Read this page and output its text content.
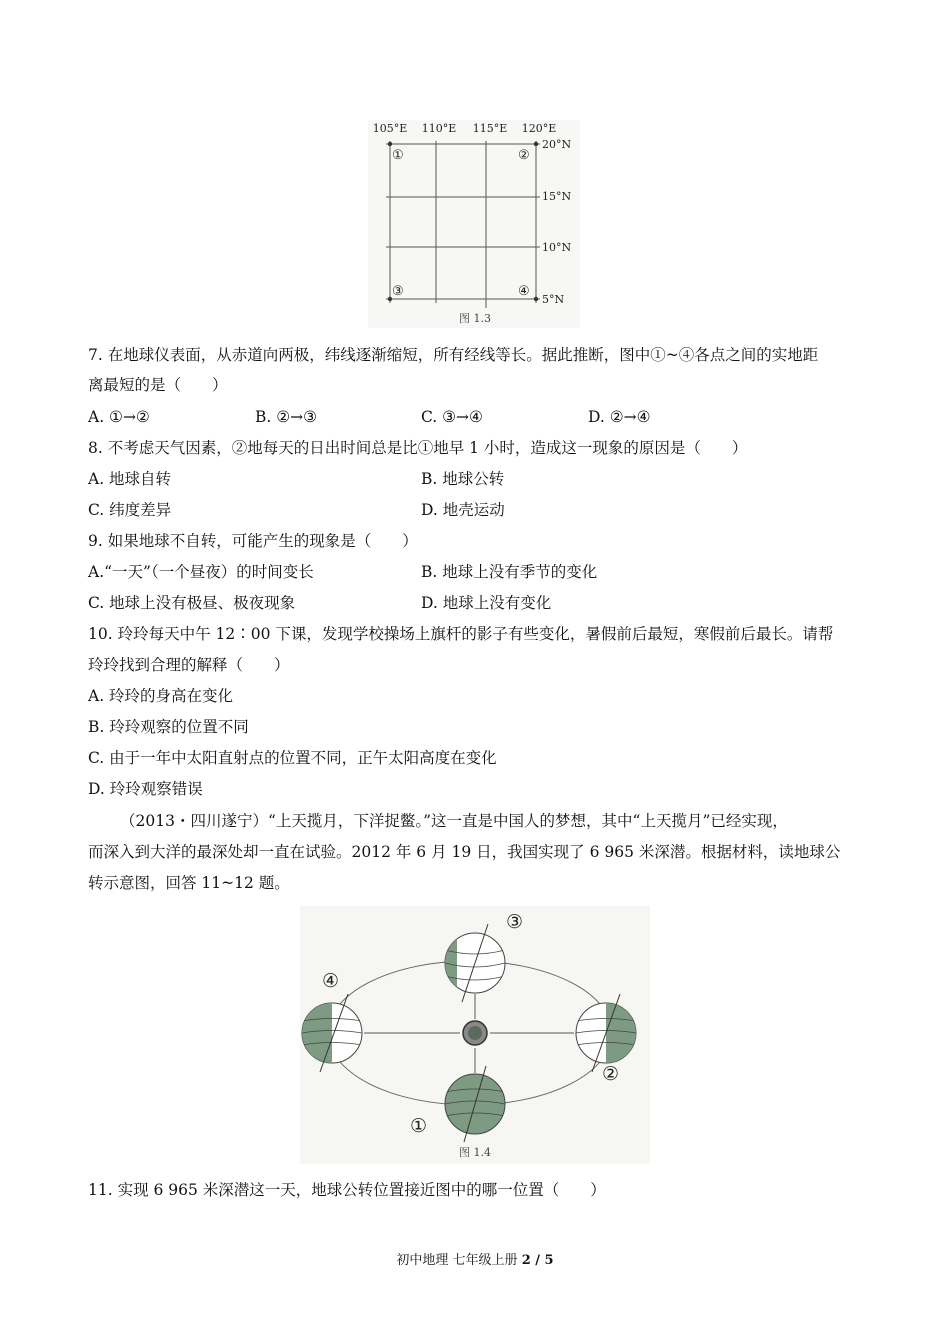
105°E 110°E 115°E 120°E
20°N
15°N
10°N
5°N
①	②
③	④
图 1.3
7. 在地球仪表面，从赤道向两极，纬线逐渐缩短，所有经线等长。据此推断，图中①~④各点之间的实地距
离最短的是（　　）
A. ①→②	B. ②→③	C. ③→④	D. ②→④
8. 不考虑天气因素，②地每天的日出时间总是比①地早 1 小时，造成这一现象的原因是（　　）
A. 地球自转	B. 地球公转
C. 纬度差异	D. 地壳运动
9. 如果地球不自转，可能产生的现象是（　　）
A.“一天”（一个昼夜）的时间变长	B. 地球上没有季节的变化
C. 地球上没有极昼、极夜现象	D. 地球上没有变化
10. 玲玲每天中午 12∶00 下课，发现学校操场上旗杆的影子有些变化，暑假前后最短，寒假前后最长。请帮
玲玲找到合理的解释（　　）
A. 玲玲的身高在变化
B. 玲玲观察的位置不同
C. 由于一年中太阳直射点的位置不同，正午太阳高度在变化
D. 玲玲观察错误
（2013・四川遂宁）“上天揽月，下洋捉鳖。”这一直是中国人的梦想，其中“上天揽月”已经实现，
而深入到大洋的最深处却一直在试验。2012 年 6 月 19 日，我国实现了 6 965 米深潜。根据材料，读地球公
转示意图，回答 11~12 题。
①
②
③
④
图 1.4
11. 实现 6 965 米深潜这一天，地球公转位置接近图中的哪一位置（　　）
初中地理 七年级上册 2 / 5
